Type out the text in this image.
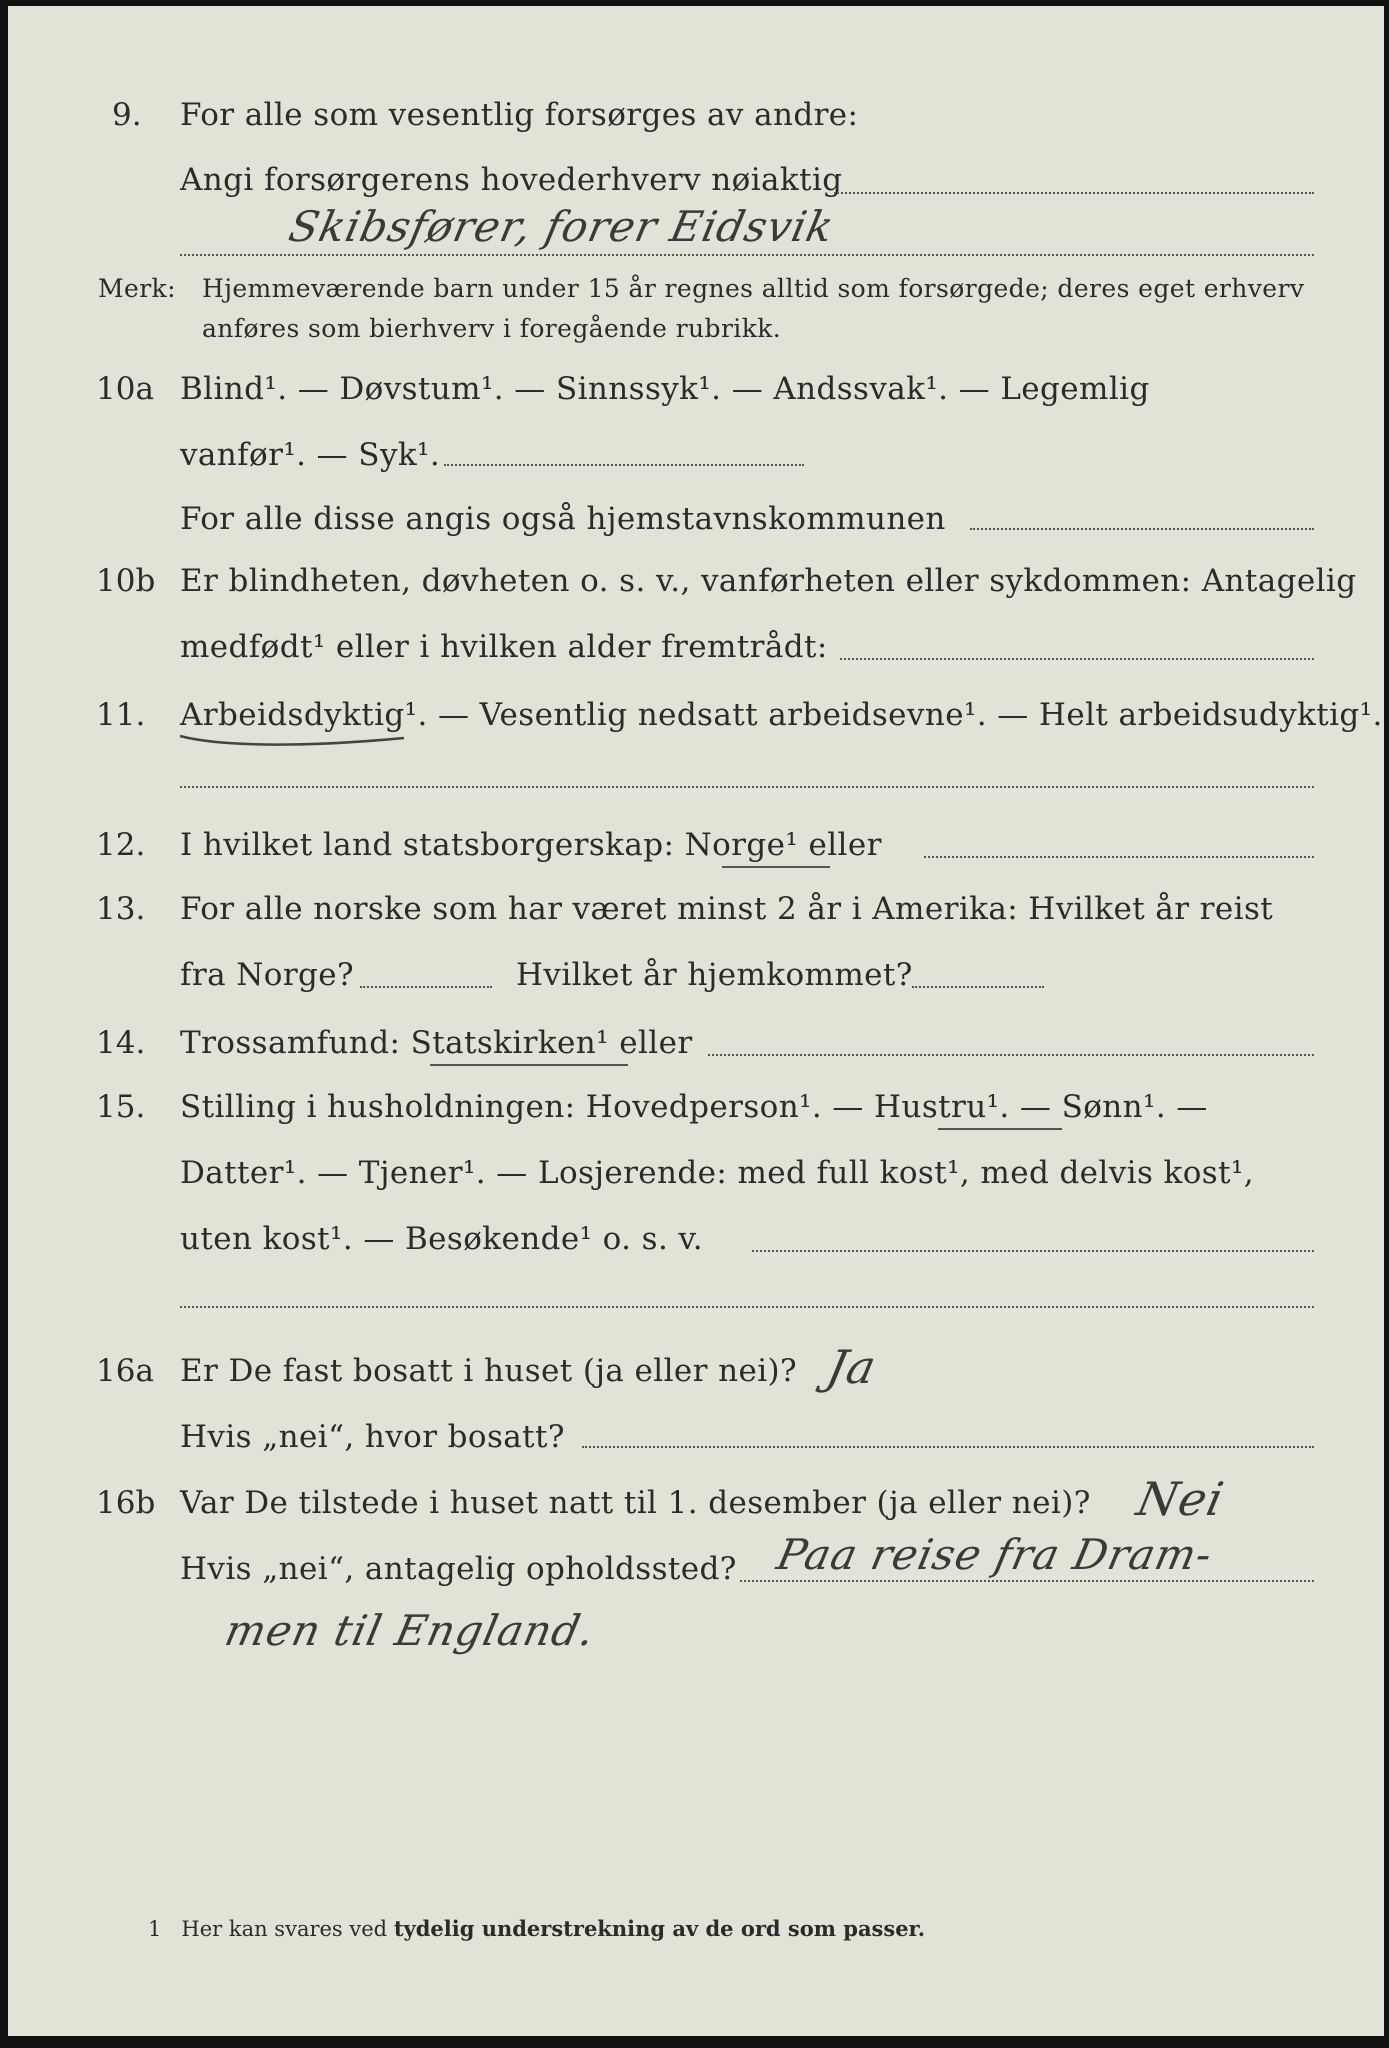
9. For alle som vesentlig forsørges av andre:
Angi forsørgerens hovederhverv nøiaktig
Skibsfører, forer Eidsvik
Merk: Hjemmeværende barn under 15 år regnes alltid som forsørgede; deres eget erhverv
anføres som bierhverv i foregående rubrikk.
10a Blind¹. — Døvstum¹. — Sinnssyk¹. — Andssvak¹. — Legemlig
vanfør¹. — Syk¹.
For alle disse angis også hjemstavnskommunen
10b Er blindheten, døvheten o. s. v., vanførheten eller sykdommen: Antagelig
medfødt¹ eller i hvilken alder fremtrådt:
11. Arbeidsdyktig¹. — Vesentlig nedsatt arbeidsevne¹. — Helt arbeidsudyktig¹.
12. I hvilket land statsborgerskap: Norge¹ eller
13. For alle norske som har været minst 2 år i Amerika: Hvilket år reist
fra Norge?	Hvilket år hjemkommet?
14. Trossamfund: Statskirken¹ eller
15. Stilling i husholdningen: Hovedperson¹. — Hustru¹. — Sønn¹. —
Datter¹. — Tjener¹. — Losjerende: med full kost¹, med delvis kost¹,
uten kost¹. — Besøkende¹ o. s. v.
16a Er De fast bosatt i huset (ja eller nei)? Ja
Hvis „nei“, hvor bosatt?
16b Var De tilstede i huset natt til 1. desember (ja eller nei)? Nei
Hvis „nei“, antagelig opholdssted? Paa reise fra Dram-
men til England.
1 Her kan svares ved tydelig understrekning av de ord som passer.
